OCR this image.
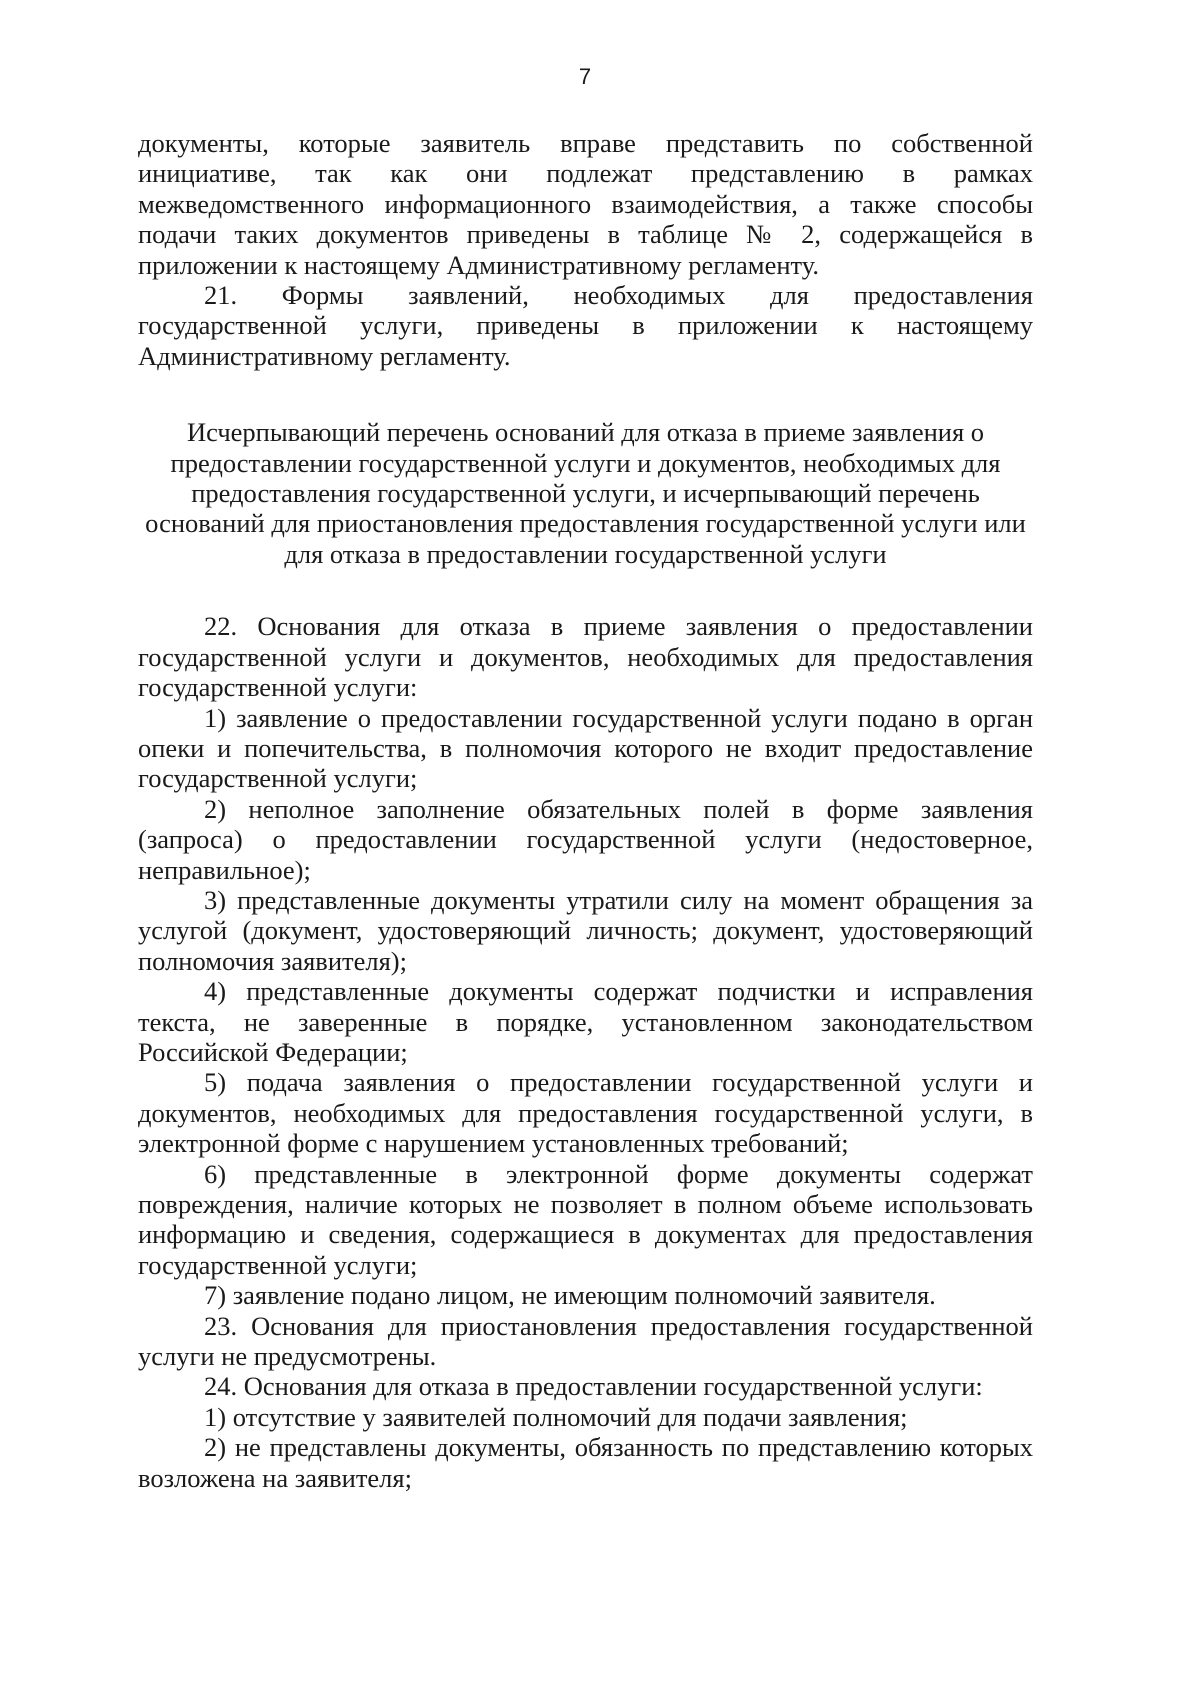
7

документы, которые заявитель вправе представить по собственной инициативе, так как они подлежат представлению в рамках межведомственного информационного взаимодействия, а также способы подачи таких документов приведены в таблице № 2, содержащейся в приложении к настоящему Административному регламенту.

21. Формы заявлений, необходимых для предоставления государственной услуги, приведены в приложении к настоящему Административному регламенту.

Исчерпывающий перечень оснований для отказа в приеме заявления о предоставлении государственной услуги и документов, необходимых для предоставления государственной услуги, и исчерпывающий перечень оснований для приостановления предоставления государственной услуги или для отказа в предоставлении государственной услуги

22. Основания для отказа в приеме заявления о предоставлении государственной услуги и документов, необходимых для предоставления государственной услуги:

1) заявление о предоставлении государственной услуги подано в орган опеки и попечительства, в полномочия которого не входит предоставление государственной услуги;

2) неполное заполнение обязательных полей в форме заявления (запроса) о предоставлении государственной услуги (недостоверное, неправильное);

3) представленные документы утратили силу на момент обращения за услугой (документ, удостоверяющий личность; документ, удостоверяющий полномочия заявителя);

4) представленные документы содержат подчистки и исправления текста, не заверенные в порядке, установленном законодательством Российской Федерации;

5) подача заявления о предоставлении государственной услуги и документов, необходимых для предоставления государственной услуги, в электронной форме с нарушением установленных требований;

6) представленные в электронной форме документы содержат повреждения, наличие которых не позволяет в полном объеме использовать информацию и сведения, содержащиеся в документах для предоставления государственной услуги;

7) заявление подано лицом, не имеющим полномочий заявителя.

23. Основания для приостановления предоставления государственной услуги не предусмотрены.

24. Основания для отказа в предоставлении государственной услуги:

1) отсутствие у заявителей полномочий для подачи заявления;

2) не представлены документы, обязанность по представлению которых возложена на заявителя;
